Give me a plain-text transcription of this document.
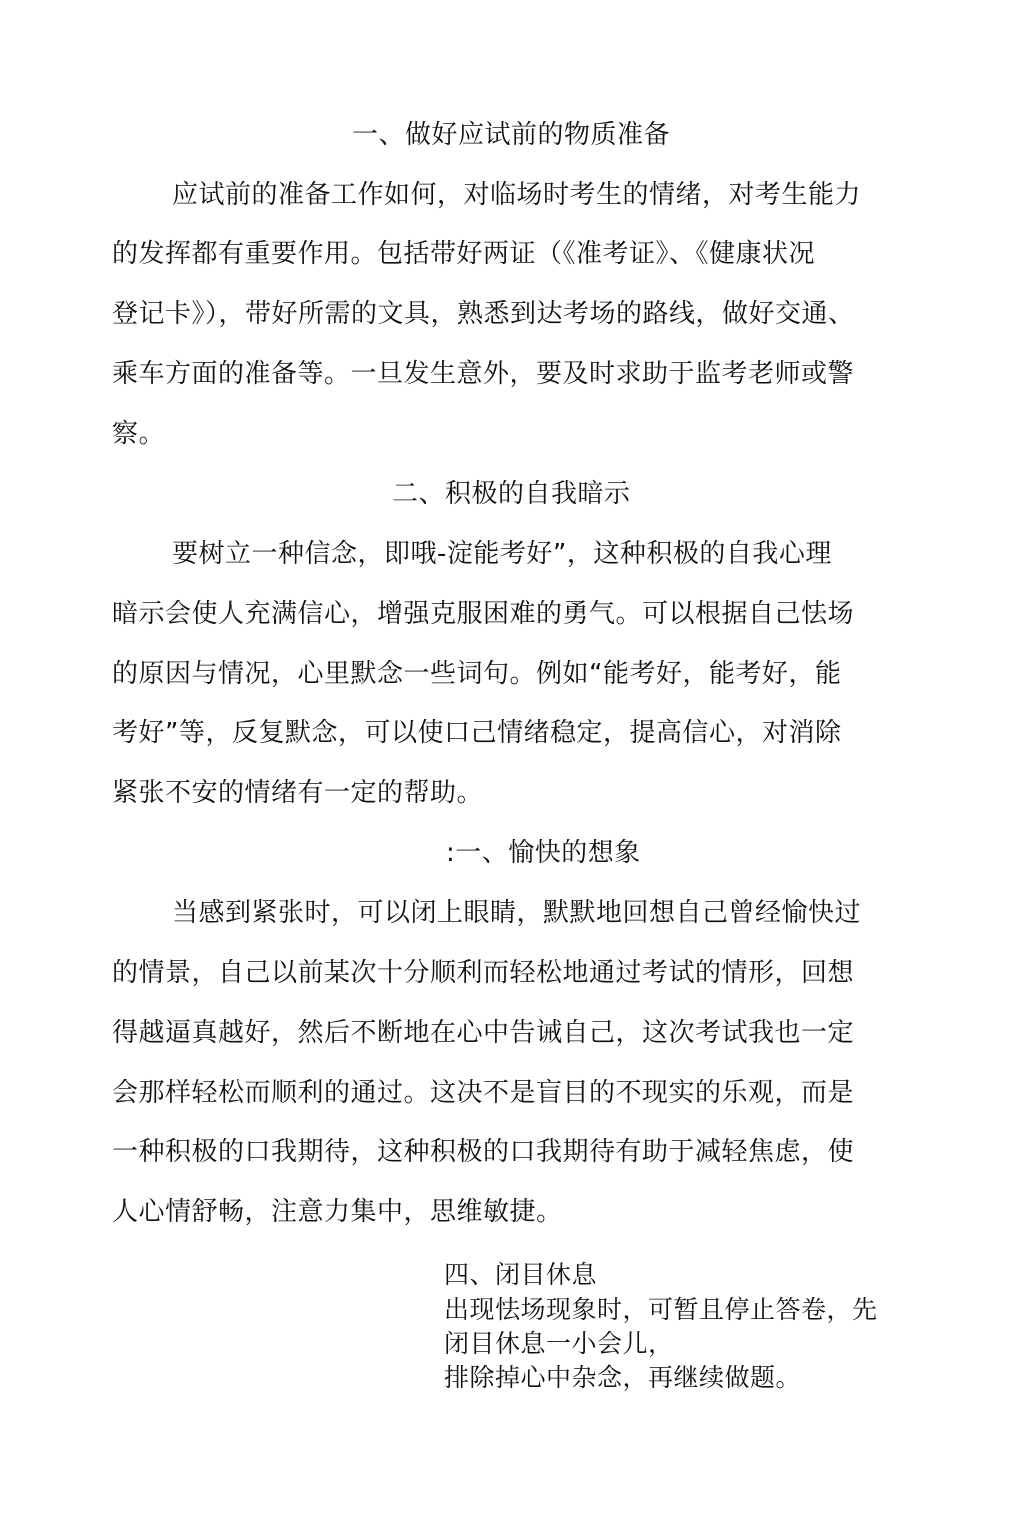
一、做好应试前的物质准备
应试前的准备工作如何，对临场时考生的情绪，对考生能力
的发挥都有重要作用。包括带好两证（《准考证》、《健康状况
登记卡》），带好所需的文具，熟悉到达考场的路线，做好交通、
乘车方面的准备等。一旦发生意外，要及时求助于监考老师或警
察。
二、积极的自我暗示
要树立一种信念，即哦-淀能考好”，这种积极的自我心理
暗示会使人充满信心，增强克服困难的勇气。可以根据自己怯场
的原因与情况，心里默念一些词句。例如“能考好，能考好，能
考好”等，反复默念，可以使口己情绪稳定，提高信心，对消除
紧张不安的情绪有一定的帮助。
:一、愉快的想象
当感到紧张时，可以闭上眼睛，默默地回想自己曾经愉快过
的情景，自己以前某次十分顺利而轻松地通过考试的情形，回想
得越逼真越好，然后不断地在心中告诫自己，这次考试我也一定
会那样轻松而顺利的通过。这决不是盲目的不现实的乐观，而是
一种积极的口我期待，这种积极的口我期待有助于减轻焦虑，使
人心情舒畅，注意力集中，思维敏捷。
四、闭目休息
出现怯场现象时，可暂且停止答卷，先
闭目休息一小会儿，
排除掉心中杂念，再继续做题。
